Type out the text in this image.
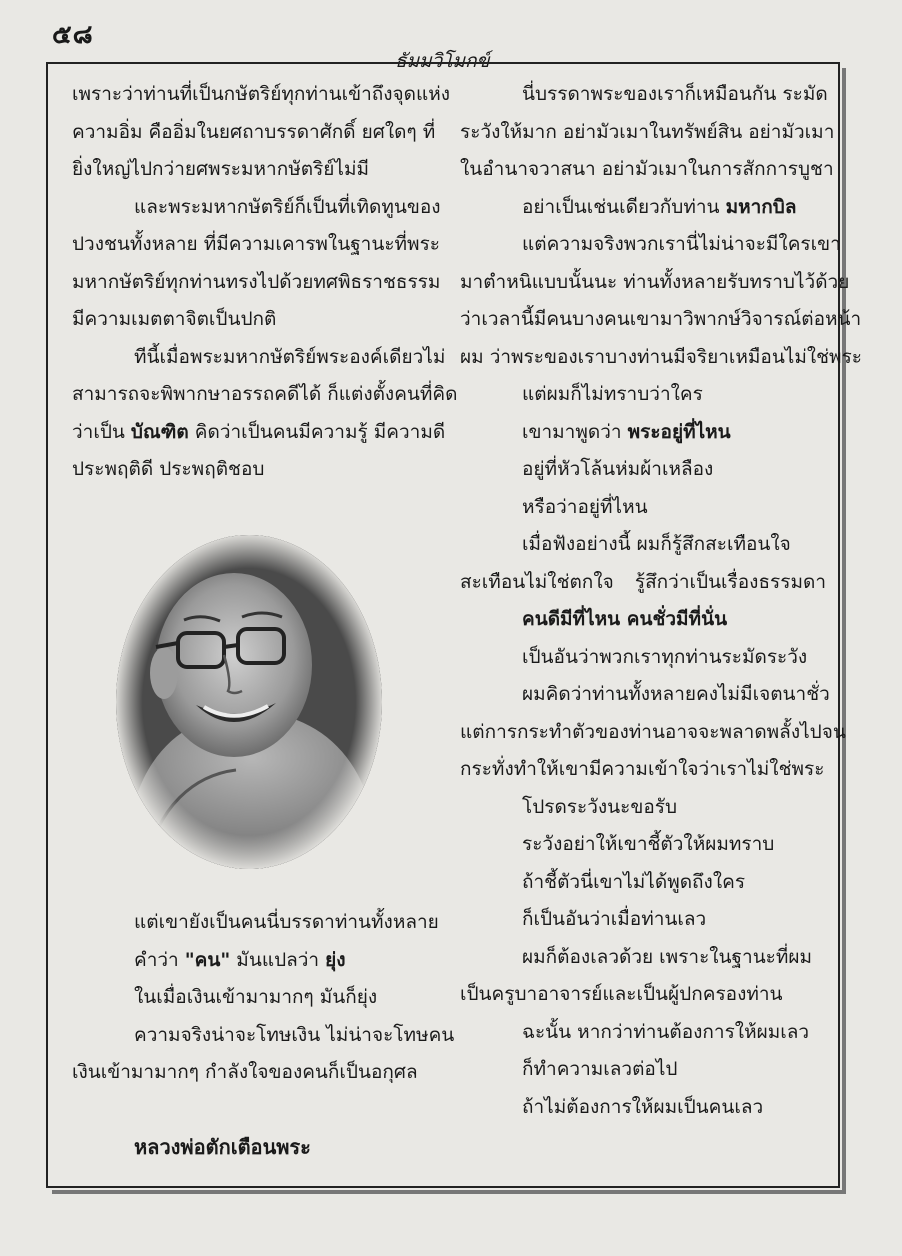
๕๘
ธัมมวิโมกข์
เพราะว่าท่านที่เป็นกษัตริย์ทุกท่านเข้าถึงจุดแห่ง
ความอิ่ม คืออิ่มในยศถาบรรดาศักดิ์ ยศใดๆ ที่
ยิ่งใหญ่ไปกว่ายศพระมหากษัตริย์ไม่มี
และพระมหากษัตริย์ก็เป็นที่เทิดทูนของ
ปวงชนทั้งหลาย ที่มีความเคารพในฐานะที่พระ
มหากษัตริย์ทุกท่านทรงไปด้วยทศพิธราชธรรม
มีความเมตตาจิตเป็นปกติ
ทีนี้เมื่อพระมหากษัตริย์พระองค์เดียวไม่
สามารถจะพิพากษาอรรถคดีได้ ก็แต่งตั้งคนที่คิด
ว่าเป็น บัณฑิต คิดว่าเป็นคนมีความรู้ มีความดี
ประพฤติดี ประพฤติชอบ
แต่เขายังเป็นคนนี่บรรดาท่านทั้งหลาย
คำว่า "คน" มันแปลว่า ยุ่ง
ในเมื่อเงินเข้ามามากๆ มันก็ยุ่ง
ความจริงน่าจะโทษเงิน ไม่น่าจะโทษคน
เงินเข้ามามากๆ กำลังใจของคนก็เป็นอกุศล

หลวงพ่อตักเตือนพระ
นี่บรรดาพระของเราก็เหมือนกัน ระมัด
ระวังให้มาก อย่ามัวเมาในทรัพย์สิน อย่ามัวเมา
ในอำนาจวาสนา อย่ามัวเมาในการสักการบูชา
อย่าเป็นเช่นเดียวกับท่าน มหากบิล
แต่ความจริงพวกเรานี่ไม่น่าจะมีใครเขา
มาตำหนิแบบนั้นนะ ท่านทั้งหลายรับทราบไว้ด้วย
ว่าเวลานี้มีคนบางคนเขามาวิพากษ์วิจารณ์ต่อหน้า
ผม ว่าพระของเราบางท่านมีจริยาเหมือนไม่ใช่พระ
แต่ผมก็ไม่ทราบว่าใคร
เขามาพูดว่า พระอยู่ที่ไหน
อยู่ที่หัวโล้นห่มผ้าเหลือง
หรือว่าอยู่ที่ไหน
เมื่อฟังอย่างนี้ ผมก็รู้สึกสะเทือนใจ
สะเทือนไม่ใช่ตกใจ รู้สึกว่าเป็นเรื่องธรรมดา
คนดีมีที่ไหน คนชั่วมีที่นั่น
เป็นอันว่าพวกเราทุกท่านระมัดระวัง
ผมคิดว่าท่านทั้งหลายคงไม่มีเจตนาชั่ว
แต่การกระทำตัวของท่านอาจจะพลาดพลั้งไปจน
กระทั่งทำให้เขามีความเข้าใจว่าเราไม่ใช่พระ
โปรดระวังนะขอรับ
ระวังอย่าให้เขาชี้ตัวให้ผมทราบ
ถ้าชี้ตัวนี่เขาไม่ได้พูดถึงใคร
ก็เป็นอันว่าเมื่อท่านเลว
ผมก็ต้องเลวด้วย เพราะในฐานะที่ผม
เป็นครูบาอาจารย์และเป็นผู้ปกครองท่าน
ฉะนั้น หากว่าท่านต้องการให้ผมเลว
ก็ทำความเลวต่อไป
ถ้าไม่ต้องการให้ผมเป็นคนเลว
